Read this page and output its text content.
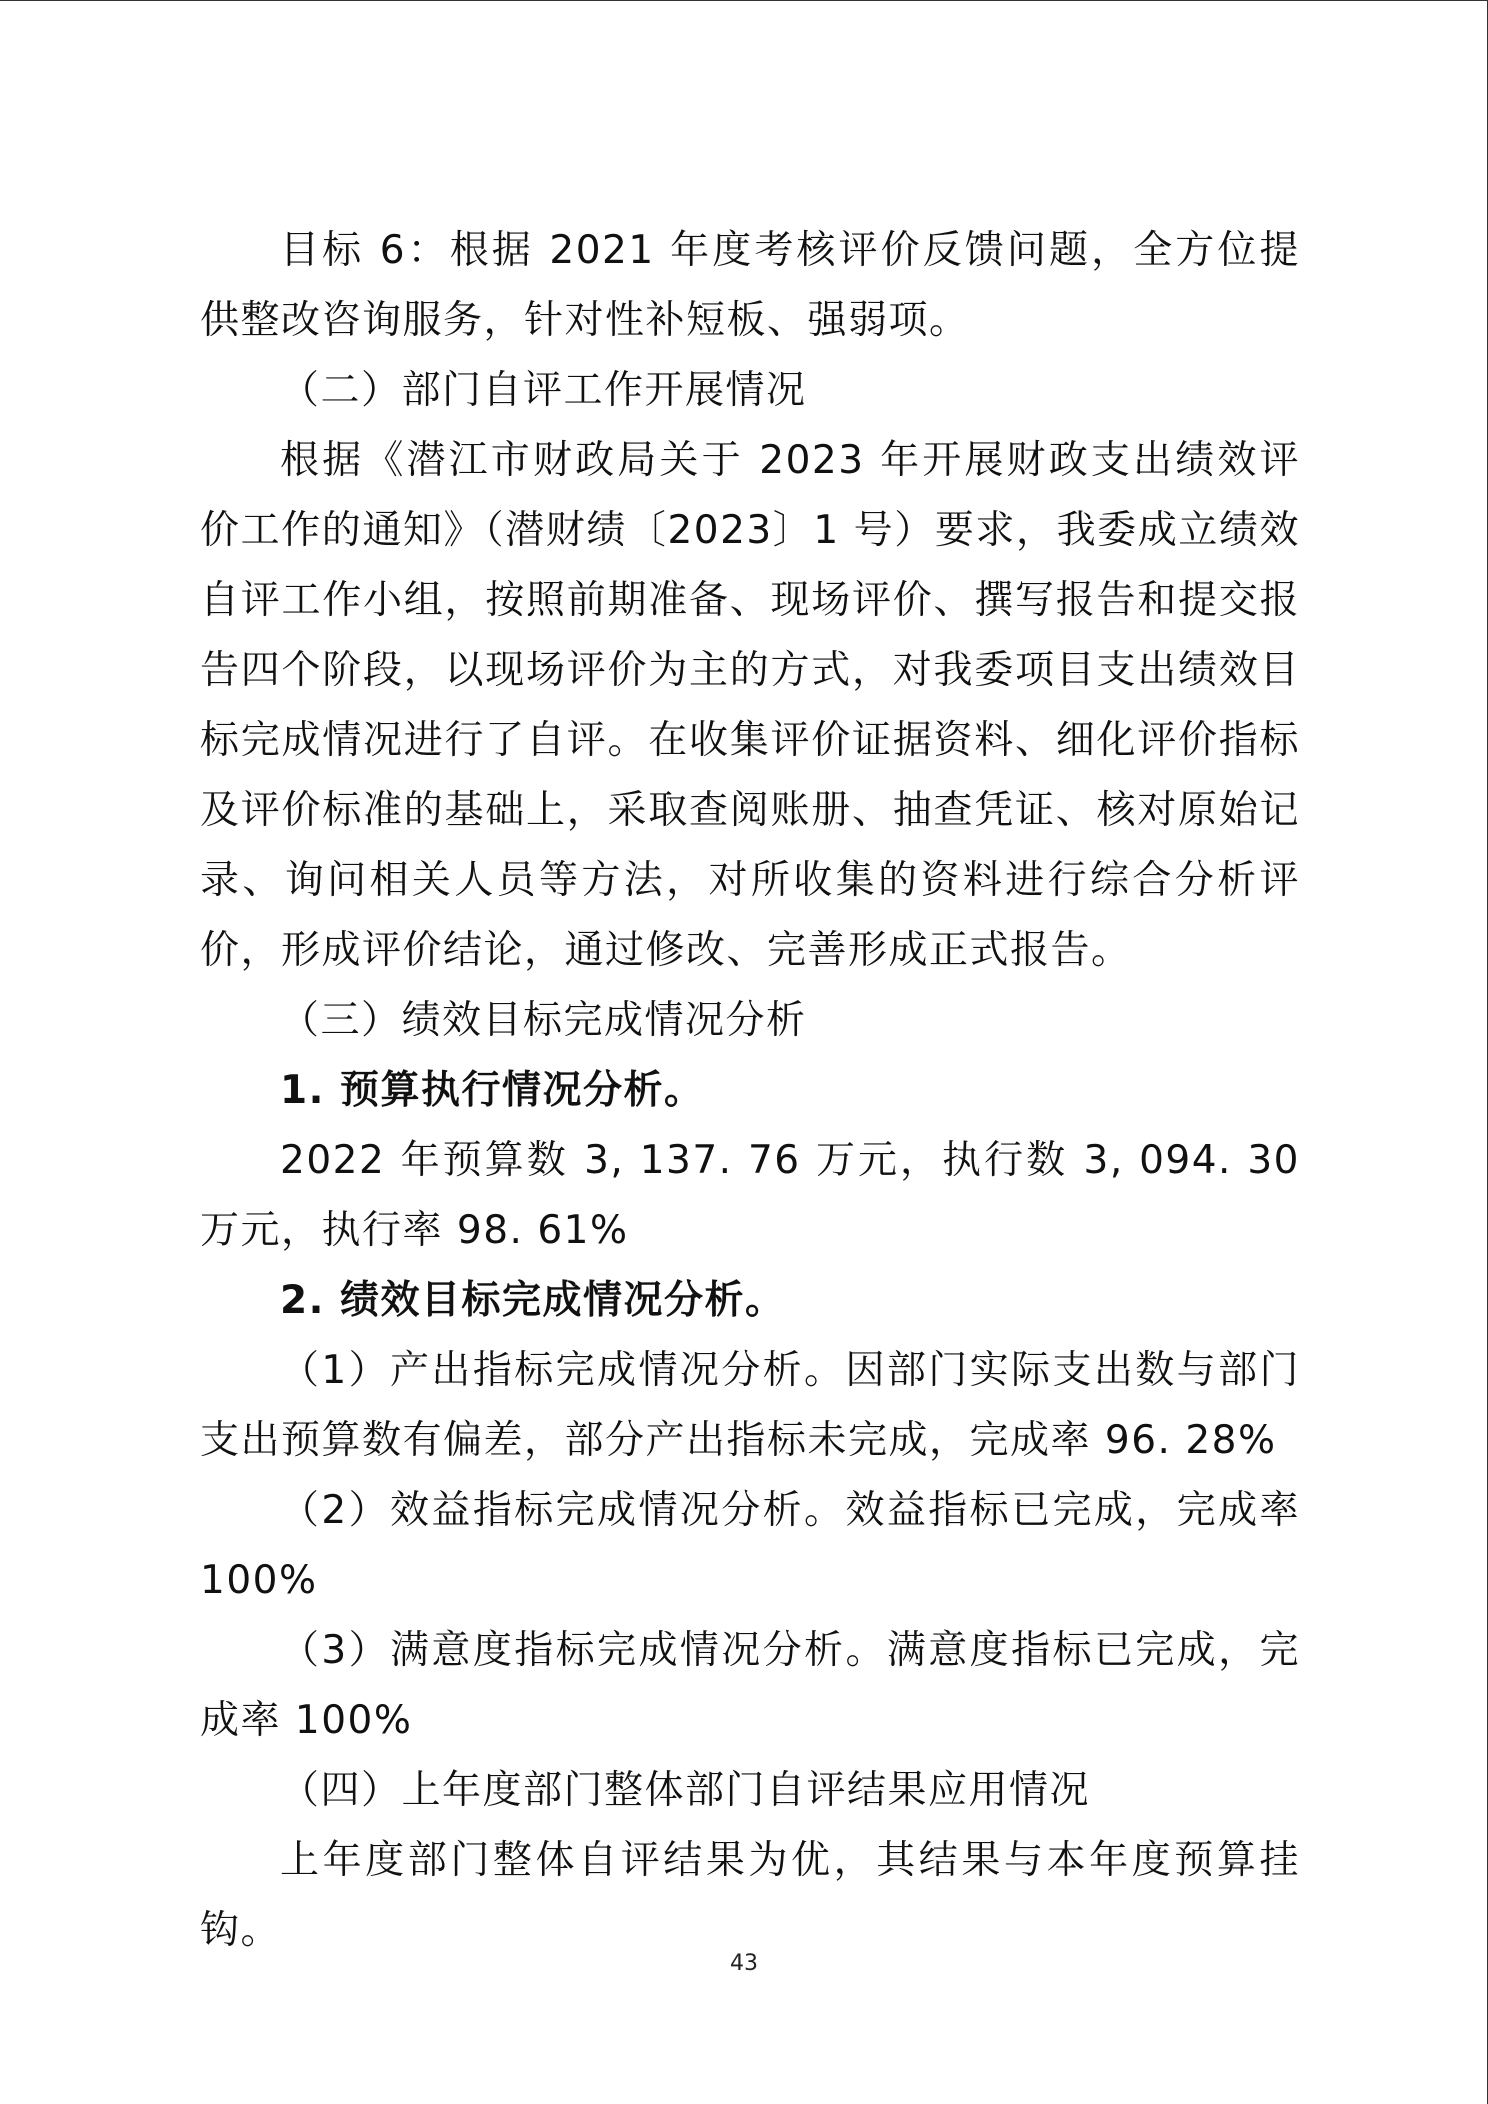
目标 6：根据 2021 年度考核评价反馈问题，全方位提供整改咨询服务，针对性补短板、强弱项。

（二）部门自评工作开展情况

根据《潜江市财政局关于 2023 年开展财政支出绩效评价工作的通知》（潜财绩〔2023〕1 号）要求，我委成立绩效自评工作小组，按照前期准备、现场评价、撰写报告和提交报告四个阶段，以现场评价为主的方式，对我委项目支出绩效目标完成情况进行了自评。在收集评价证据资料、细化评价指标及评价标准的基础上，采取查阅账册、抽查凭证、核对原始记录、询问相关人员等方法，对所收集的资料进行综合分析评价，形成评价结论，通过修改、完善形成正式报告。

（三）绩效目标完成情况分析

1. 预算执行情况分析。

2022 年预算数 3, 137. 76 万元，执行数 3, 094. 30 万元，执行率 98. 61%

2. 绩效目标完成情况分析。

（1）产出指标完成情况分析。因部门实际支出数与部门支出预算数有偏差，部分产出指标未完成，完成率 96. 28%

（2）效益指标完成情况分析。效益指标已完成，完成率 100%

（3）满意度指标完成情况分析。满意度指标已完成，完成率 100%

（四）上年度部门整体部门自评结果应用情况

上年度部门整体自评结果为优，其结果与本年度预算挂钩。

43
